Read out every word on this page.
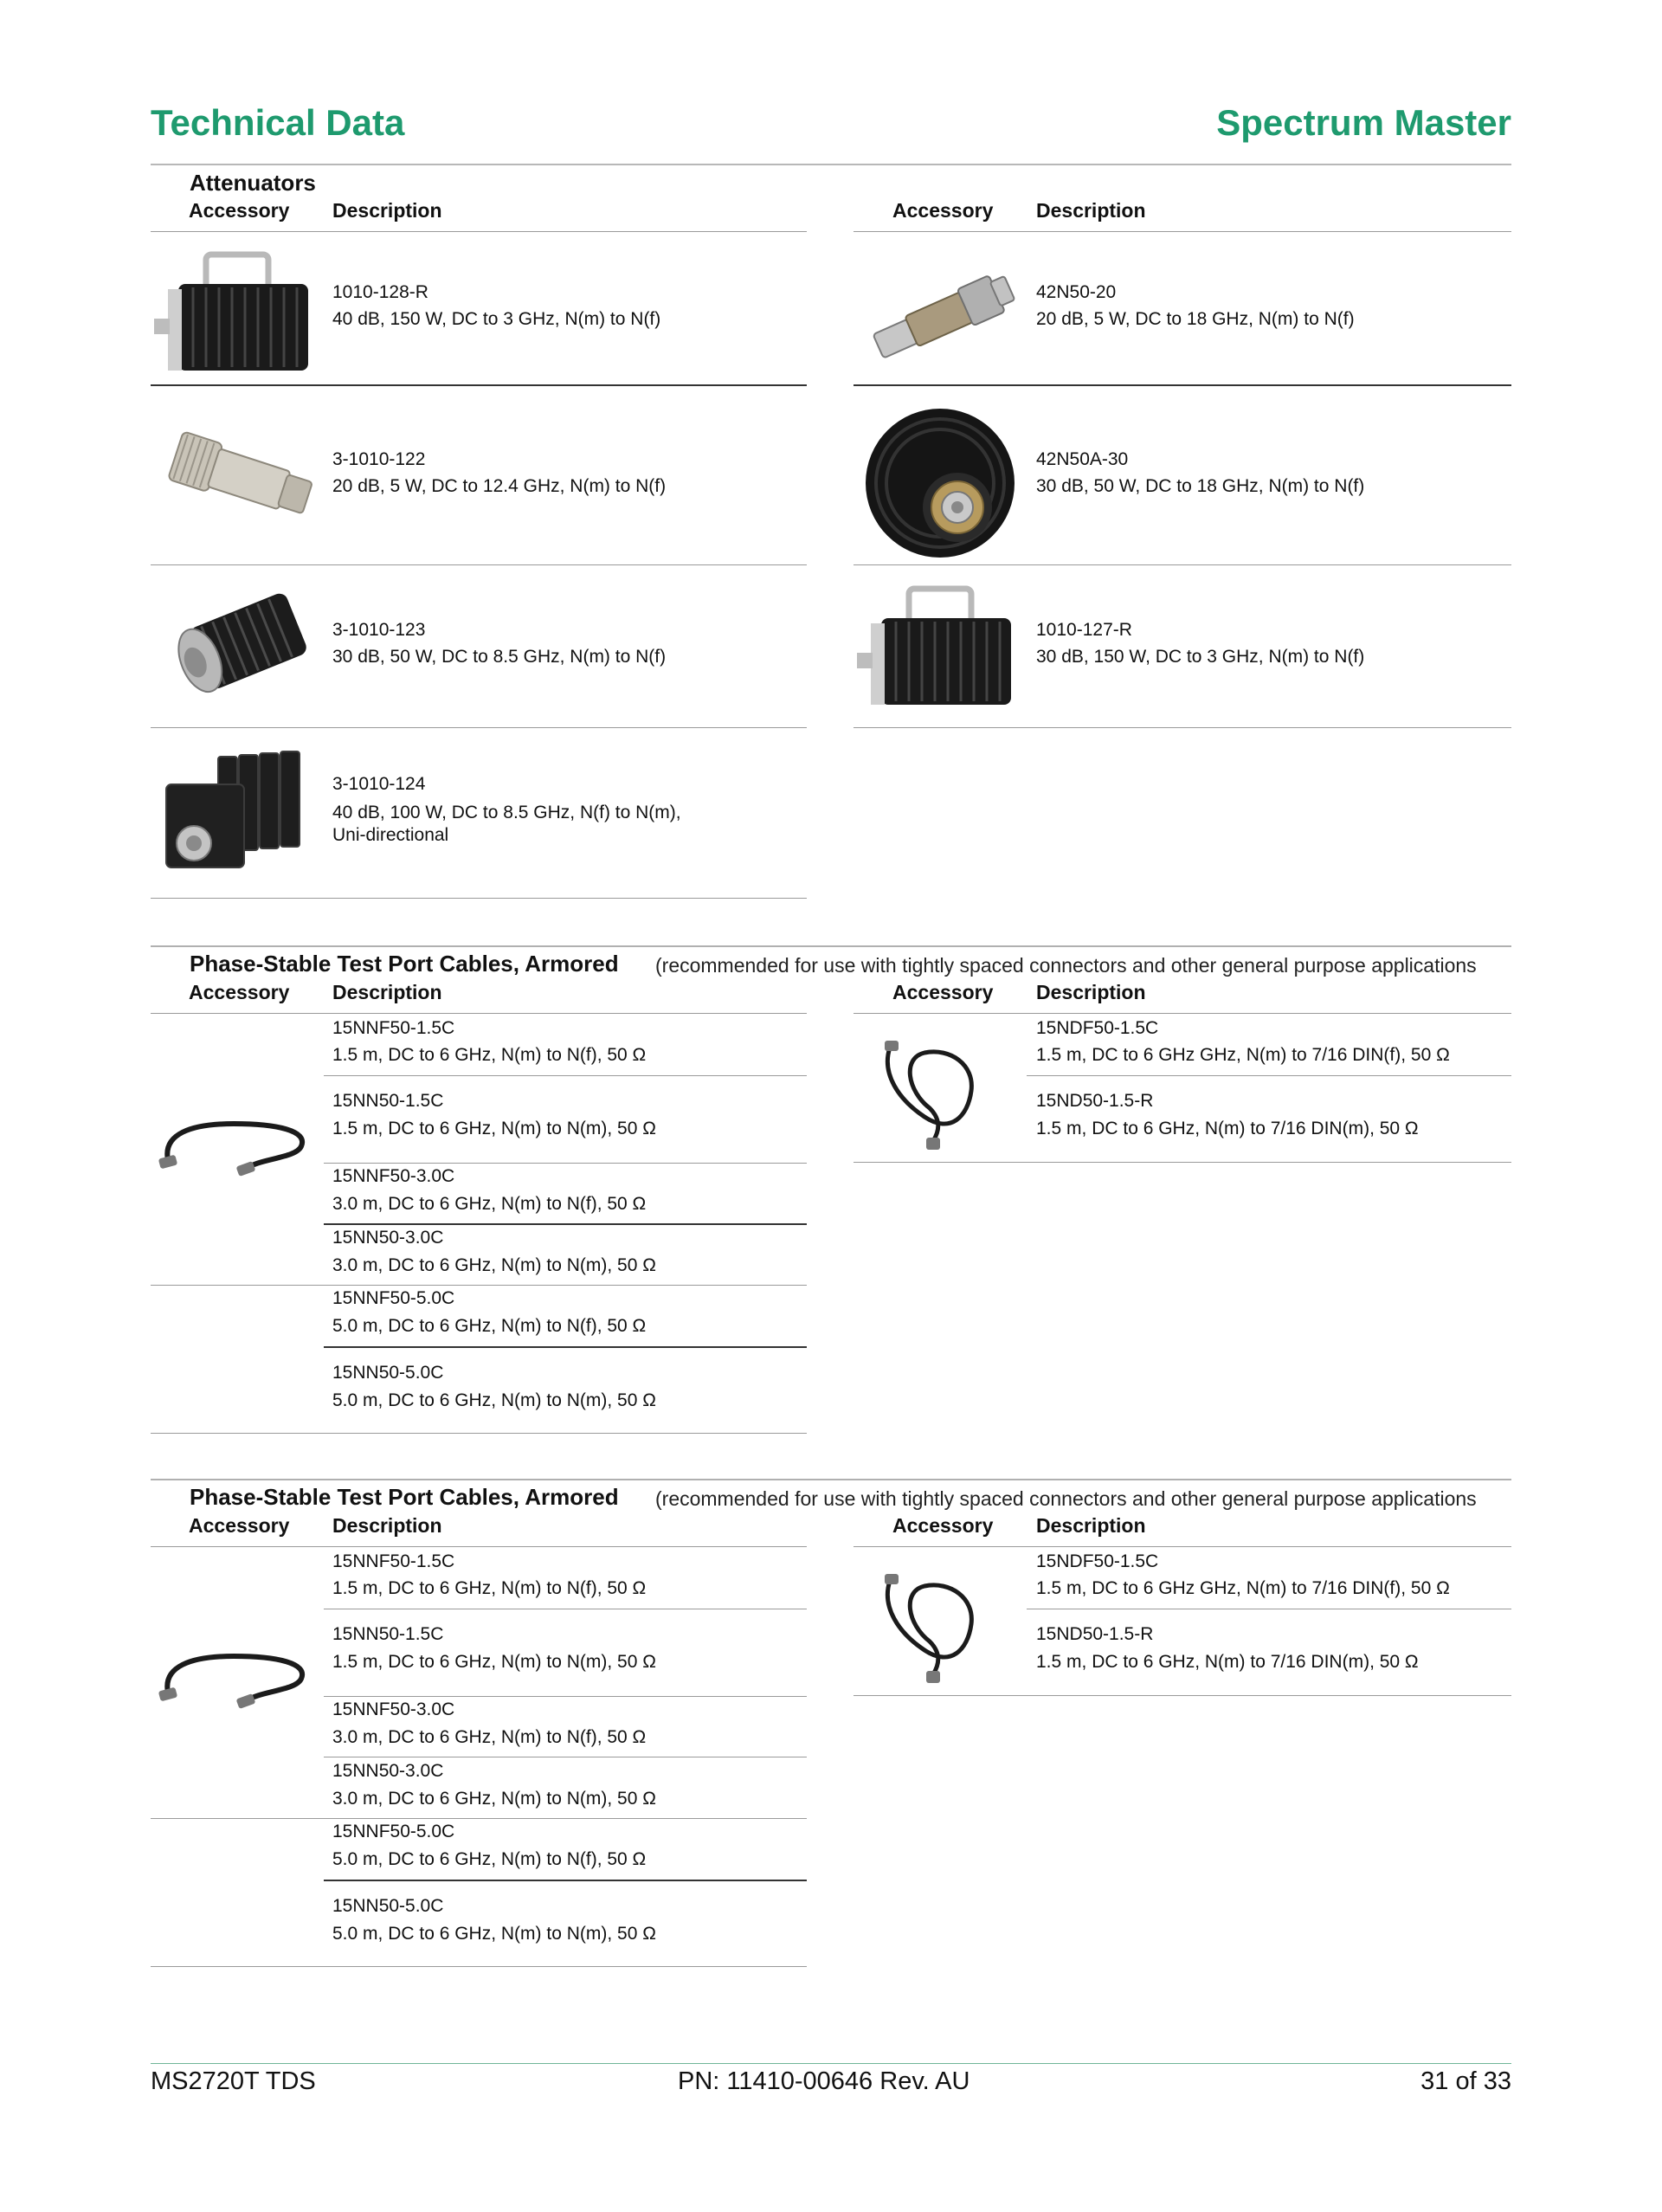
Technical Data	Spectrum Master
Attenuators
Accessory Description	Accessory Description
1010-128-R
40 dB, 150 W, DC to 3 GHz, N(m) to N(f)
3-1010-122
20 dB, 5 W, DC to 12.4 GHz, N(m) to N(f)
3-1010-123
30 dB, 50 W, DC to 8.5 GHz, N(m) to N(f)
3-1010-124
40 dB, 100 W, DC to 8.5 GHz, N(f) to N(m), Uni-directional
42N50-20
20 dB, 5 W, DC to 18 GHz, N(m) to N(f)
42N50A-30
30 dB, 50 W, DC to 18 GHz, N(m) to N(f)
1010-127-R
30 dB, 150 W, DC to 3 GHz, N(m) to N(f)
Phase-Stable Test Port Cables, Armored (recommended for use with tightly spaced connectors and other general purpose applications
Accessory Description	Accessory Description
15NNF50-1.5C
1.5 m, DC to 6 GHz, N(m) to N(f), 50 Ω
15NN50-1.5C
1.5 m, DC to 6 GHz, N(m) to N(m), 50 Ω
15NNF50-3.0C
3.0 m, DC to 6 GHz, N(m) to N(f), 50 Ω
15NN50-3.0C
3.0 m, DC to 6 GHz, N(m) to N(m), 50 Ω
15NNF50-5.0C
5.0 m, DC to 6 GHz, N(m) to N(f), 50 Ω
15NN50-5.0C
5.0 m, DC to 6 GHz, N(m) to N(m), 50 Ω
15NDF50-1.5C
1.5 m, DC to 6 GHz GHz, N(m) to 7/16 DIN(f), 50 Ω
15ND50-1.5-R
1.5 m, DC to 6 GHz, N(m) to 7/16 DIN(m), 50 Ω
Phase-Stable Test Port Cables, Armored (recommended for use with tightly spaced connectors and other general purpose applications
Accessory Description	Accessory Description
15NNF50-1.5C
1.5 m, DC to 6 GHz, N(m) to N(f), 50 Ω
15NN50-1.5C
1.5 m, DC to 6 GHz, N(m) to N(m), 50 Ω
15NNF50-3.0C
3.0 m, DC to 6 GHz, N(m) to N(f), 50 Ω
15NN50-3.0C
3.0 m, DC to 6 GHz, N(m) to N(m), 50 Ω
15NNF50-5.0C
5.0 m, DC to 6 GHz, N(m) to N(f), 50 Ω
15NN50-5.0C
5.0 m, DC to 6 GHz, N(m) to N(m), 50 Ω
15NDF50-1.5C
1.5 m, DC to 6 GHz GHz, N(m) to 7/16 DIN(f), 50 Ω
15ND50-1.5-R
1.5 m, DC to 6 GHz, N(m) to 7/16 DIN(m), 50 Ω
MS2720T TDS	PN: 11410-00646 Rev. AU	31 of 33
